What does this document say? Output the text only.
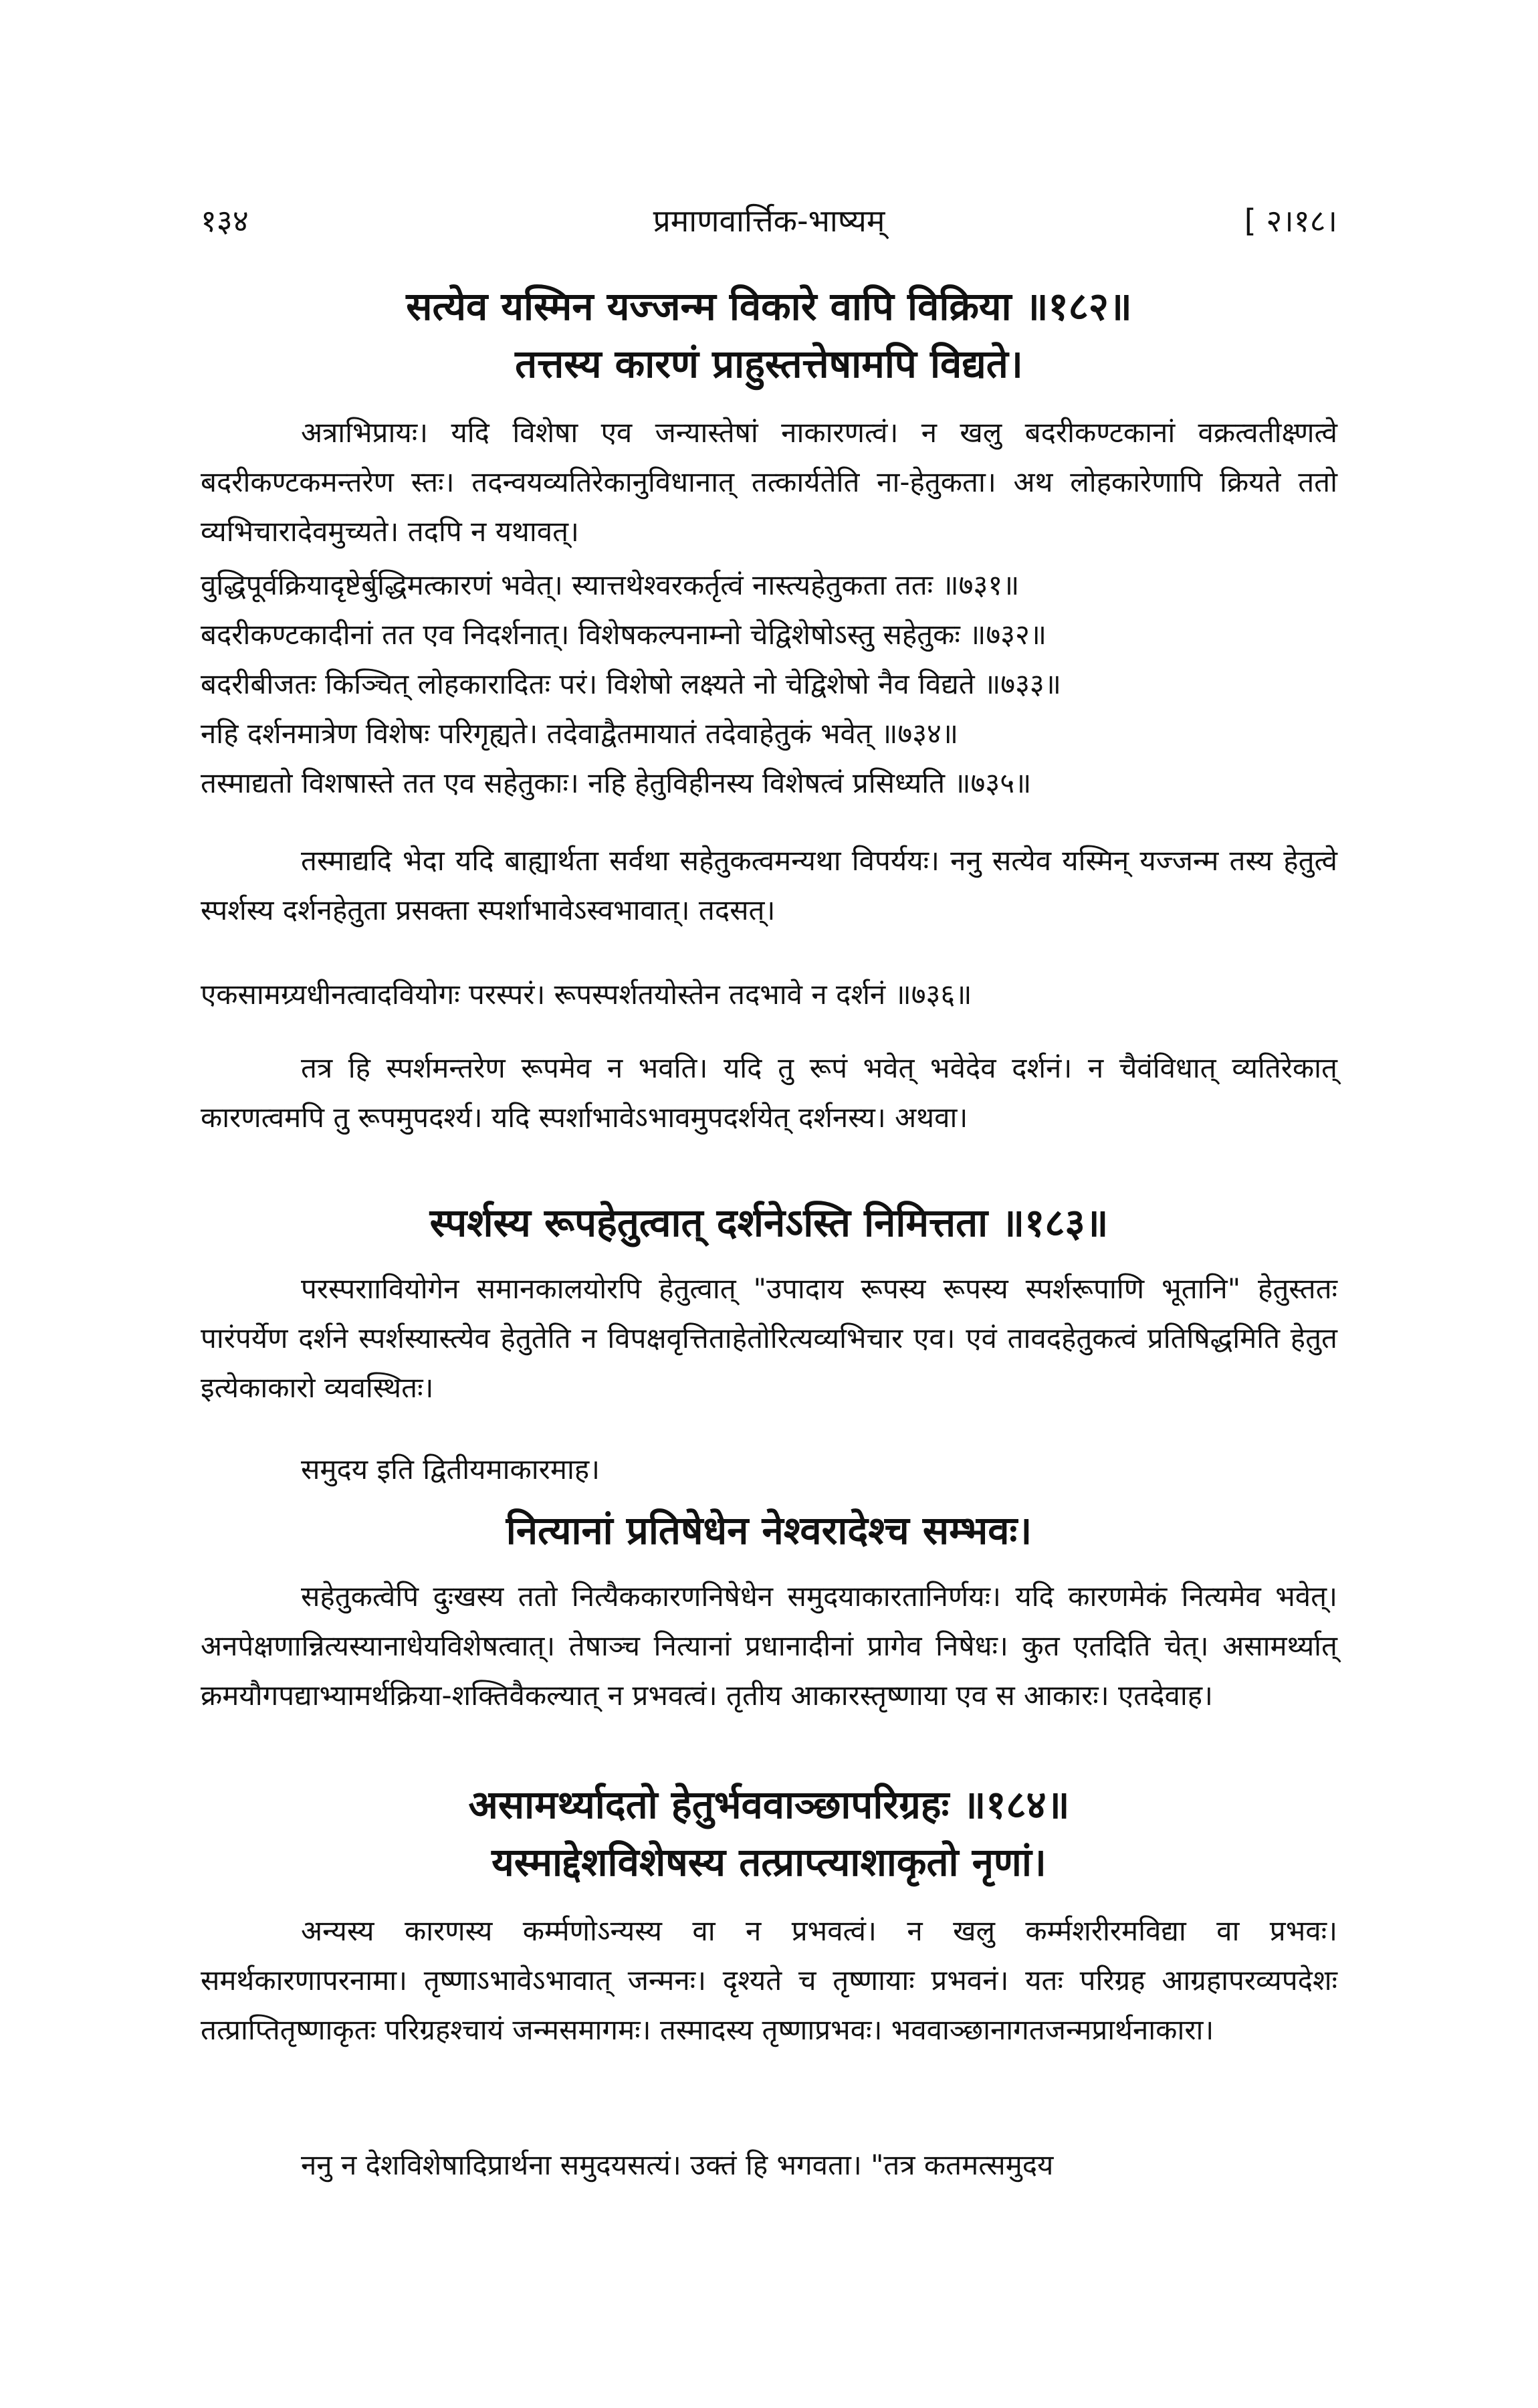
१३४	प्रमाणवार्त्तिक-भाष्यम्	[ २।१८।
सत्येव यस्मिन यज्जन्म विकारे वापि विक्रिया ॥१८२॥
तत्तस्य कारणं प्राहुस्तत्तेषामपि विद्यते।
अत्राभिप्रायः। यदि विशेषा एव जन्यास्तेषां नाकारणत्वं। न खलु बदरीकण्टकानां वक्रत्वतीक्ष्णत्वे बदरीकण्टकमन्तरेण स्तः। तदन्वयव्यतिरेकानुविधानात् तत्कार्यतेति ना-हेतुकता। अथ लोहकारेणापि क्रियते ततो व्यभिचारादेवमुच्यते। तदपि न यथावत्।
वुद्धिपूर्वक्रियादृष्टेर्बुद्धिमत्कारणं भवेत्। स्यात्तथेश्वरकर्तृत्वं नास्त्यहेतुकता ततः ॥७३१॥
बदरीकण्टकादीनां तत एव निदर्शनात्। विशेषकल्पनाम्नो चेद्विशेषोऽस्तु सहेतुकः ॥७३२॥
बदरीबीजतः किञ्चित् लोहकारादितः परं। विशेषो लक्ष्यते नो चेद्विशेषो नैव विद्यते ॥७३३॥
नहि दर्शनमात्रेण विशेषः परिगृह्यते। तदेवाद्वैतमायातं तदेवाहेतुकं भवेत् ॥७३४॥
तस्माद्यतो विशषास्ते तत एव सहेतुकाः। नहि हेतुविहीनस्य विशेषत्वं प्रसिध्यति ॥७३५॥
तस्माद्यदि भेदा यदि बाह्यार्थता सर्वथा सहेतुकत्वमन्यथा विपर्ययः। ननु सत्येव यस्मिन् यज्जन्म तस्य हेतुत्वे स्पर्शस्य दर्शनहेतुता प्रसक्ता स्पर्शाभावेऽस्वभावात्। तदसत्।
एकसामग्र्यधीनत्वादवियोगः परस्परं। रूपस्पर्शतयोस्तेन तदभावे न दर्शनं ॥७३६॥
तत्र हि स्पर्शमन्तरेण रूपमेव न भवति। यदि तु रूपं भवेत् भवेदेव दर्शनं। न चैवंविधात् व्यतिरेकात् कारणत्वमपि तु रूपमुपदर्श्य। यदि स्पर्शाभावेऽभावमुपदर्शयेत् दर्शनस्य। अथवा।
स्पर्शस्य रूपहेतुत्वात् दर्शनेऽस्ति निमित्तता ॥१८३॥
परस्पराावियोगेन समानकालयोरपि हेतुत्वात् "उपादाय रूपस्य रूपस्य स्पर्शरूपाणि भूतानि" हेतुस्ततः पारंपर्येण दर्शने स्पर्शस्यास्त्येव हेतुतेति न विपक्षवृत्तिताहेतोरित्यव्यभिचार एव। एवं तावदहेतुकत्वं प्रतिषिद्धमिति हेतुत इत्येकाकारो व्यवस्थितः।
समुदय इति द्वितीयमाकारमाह।
नित्यानां प्रतिषेधेन नेश्वरादेश्च सम्भवः।
सहेतुकत्वेपि दुःखस्य ततो नित्यैककारणनिषेधेन समुदयाकारतानिर्णयः। यदि कारणमेकं नित्यमेव भवेत्। अनपेक्षणान्नित्यस्यानाधेयविशेषत्वात्। तेषाञ्च नित्यानां प्रधानादीनां प्रागेव निषेधः। कुत एतदिति चेत्। असामर्थ्यात् क्रमयौगपद्याभ्यामर्थक्रिया-शक्तिवैकल्यात् न प्रभवत्वं। तृतीय आकारस्तृष्णाया एव स आकारः। एतदेवाह।
असामर्थ्यादतो हेतुर्भववाञ्छापरिग्रहः ॥१८४॥
यस्माद्देशविशेषस्य तत्प्राप्त्याशाकृतो नृणां।
अन्यस्य कारणस्य कर्म्मणोऽन्यस्य वा न प्रभवत्वं। न खलु कर्म्मशरीरमविद्या वा प्रभवः। समर्थकारणापरनामा। तृष्णाऽभावेऽभावात् जन्मनः। दृश्यते च तृष्णायाः प्रभवनं। यतः परिग्रह आग्रहापरव्यपदेशः तत्प्राप्तितृष्णाकृतः परिग्रहश्चायं जन्मसमागमः। तस्मादस्य तृष्णाप्रभवः। भववाञ्छानागतजन्मप्रार्थनाकारा।
ननु न देशविशेषादिप्रार्थना समुदयसत्यं। उक्तं हि भगवता। "तत्र कतमत्समुदय
